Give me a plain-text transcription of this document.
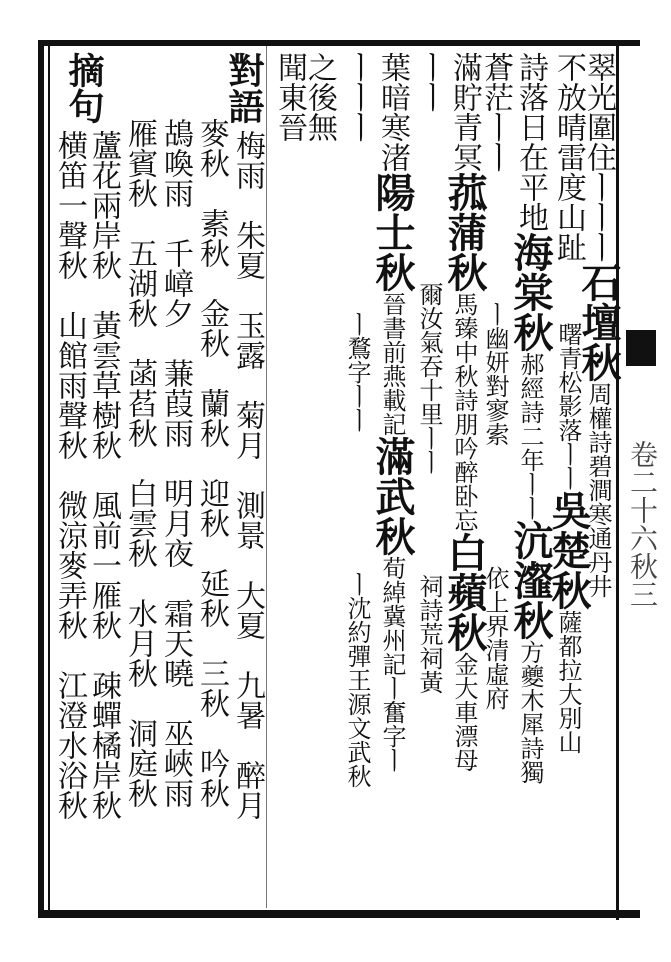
卷二十六秋三
翠光圍住ㅣㅣㅣ石壇秋周權詩碧澗寒通丹井
不放晴雷度山趾曙青松影落ㅣㅣ吳楚秋薩都拉大別山
詩落日在平地海棠秋郝經詩二年ㅣㅣ沆瀣秋方夔木犀詩獨
蒼茫ㅣㅣㅣ幽妍對寥索依上界清虛府
滿貯青冥菰蒲秋馬臻中秋詩朋吟醉卧忘白蘋秋金大車漂母
ㅣㅣ爾汝氣吞十里ㅣㅣ祠詩荒祠黃
葉暗寒渚陽士秋晉書前燕載記滿武秋荀綽冀州記ㅣ奮字ㅣ
ㅣㅣㅣㅣ鶩字ㅣㅣㅣ沈約彈王源文武秋
之後無
聞東晉
對語
梅雨　朱夏　玉露　菊月　測景　大夏　九暑　醉月
麥秋　素秋　金秋　蘭秋　迎秋　延秋　三秋　吟秋
鴣喚雨　千嶂夕　蒹葭雨　明月夜　霜天曉　巫峽雨
雁賓秋　五湖秋　菡萏秋　白雲秋　水月秋　洞庭秋
摘句
蘆花兩岸秋　黃雲草樹秋　風前一雁秋　疎蟬橘岸秋
横笛一聲秋　山館雨聲秋　微涼麥弄秋　江澄水浴秋
